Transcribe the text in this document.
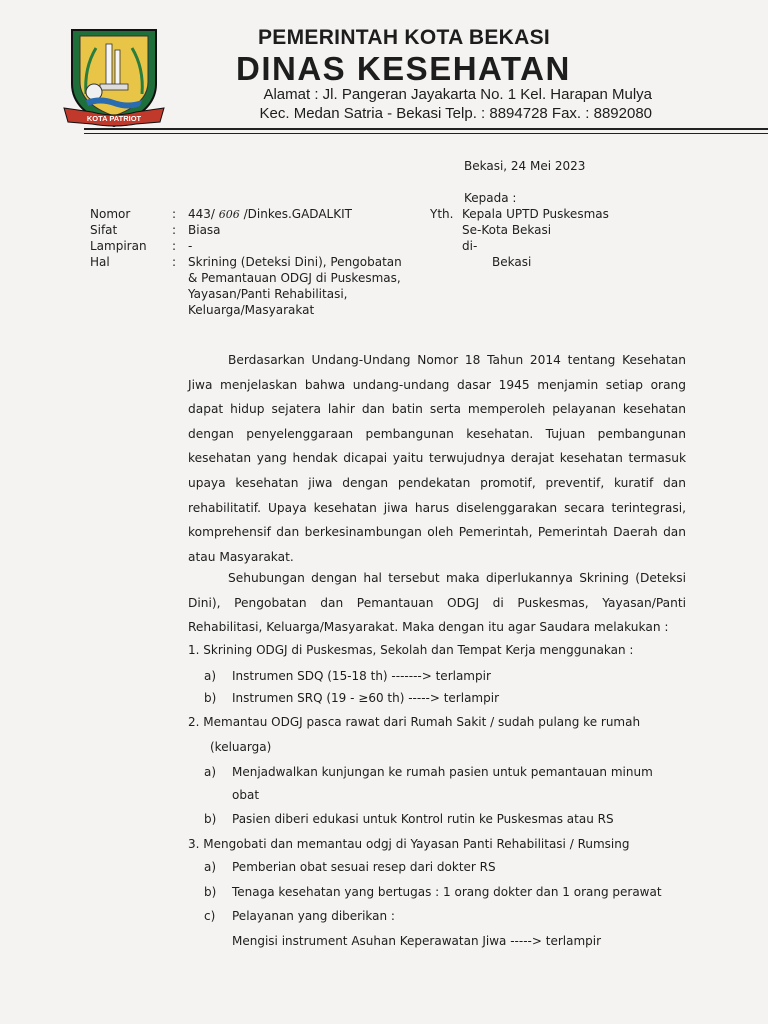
KOTA PATRIOT
PEMERINTAH KOTA BEKASI
DINAS KESEHATAN
Alamat : Jl. Pangeran Jayakarta No. 1 Kel. Harapan Mulya
Kec. Medan Satria - Bekasi Telp. : 8894728 Fax. : 8892080
Bekasi, 24 Mei 2023
Kepada :
Yth. Kepala UPTD Puskesmas
Se-Kota Bekasi
di-
Bekasi
Nomor	: 443/ 606 /Dinkes.GADALKIT
Sifat	: Biasa
Lampiran : -
Hal	: Skrining (Deteksi Dini), Pengobatan
& Pemantauan ODGJ di Puskesmas,
Yayasan/Panti Rehabilitasi,
Keluarga/Masyarakat
Berdasarkan Undang-Undang Nomor 18 Tahun 2014 tentang Kesehatan Jiwa menjelaskan bahwa undang-undang dasar 1945 menjamin setiap orang dapat hidup sejatera lahir dan batin serta memperoleh pelayanan kesehatan dengan penyelenggaraan pembangunan kesehatan. Tujuan pembangunan kesehatan yang hendak dicapai yaitu terwujudnya derajat kesehatan termasuk upaya kesehatan jiwa dengan pendekatan promotif, preventif, kuratif dan rehabilitatif. Upaya kesehatan jiwa harus diselenggarakan secara terintegrasi, komprehensif dan berkesinambungan oleh Pemerintah, Pemerintah Daerah dan atau Masyarakat.
Sehubungan dengan hal tersebut maka diperlukannya Skrining (Deteksi Dini), Pengobatan dan Pemantauan ODGJ di Puskesmas, Yayasan/Panti Rehabilitasi, Keluarga/Masyarakat. Maka dengan itu agar Saudara melakukan :
1. Skrining ODGJ di Puskesmas, Sekolah dan Tempat Kerja menggunakan :
a) Instrumen SDQ (15-18 th) -------> terlampir
b) Instrumen SRQ (19 - ≥60 th) -----> terlampir
2. Memantau ODGJ pasca rawat dari Rumah Sakit / sudah pulang ke rumah
(keluarga)
a) Menjadwalkan kunjungan ke rumah pasien untuk pemantauan minum
obat
b) Pasien diberi edukasi untuk Kontrol rutin ke Puskesmas atau RS
3. Mengobati dan memantau odgj di Yayasan Panti Rehabilitasi / Rumsing
a) Pemberian obat sesuai resep dari dokter RS
b) Tenaga kesehatan yang bertugas : 1 orang dokter dan 1 orang perawat
c) Pelayanan yang diberikan :
Mengisi instrument Asuhan Keperawatan Jiwa -----> terlampir
